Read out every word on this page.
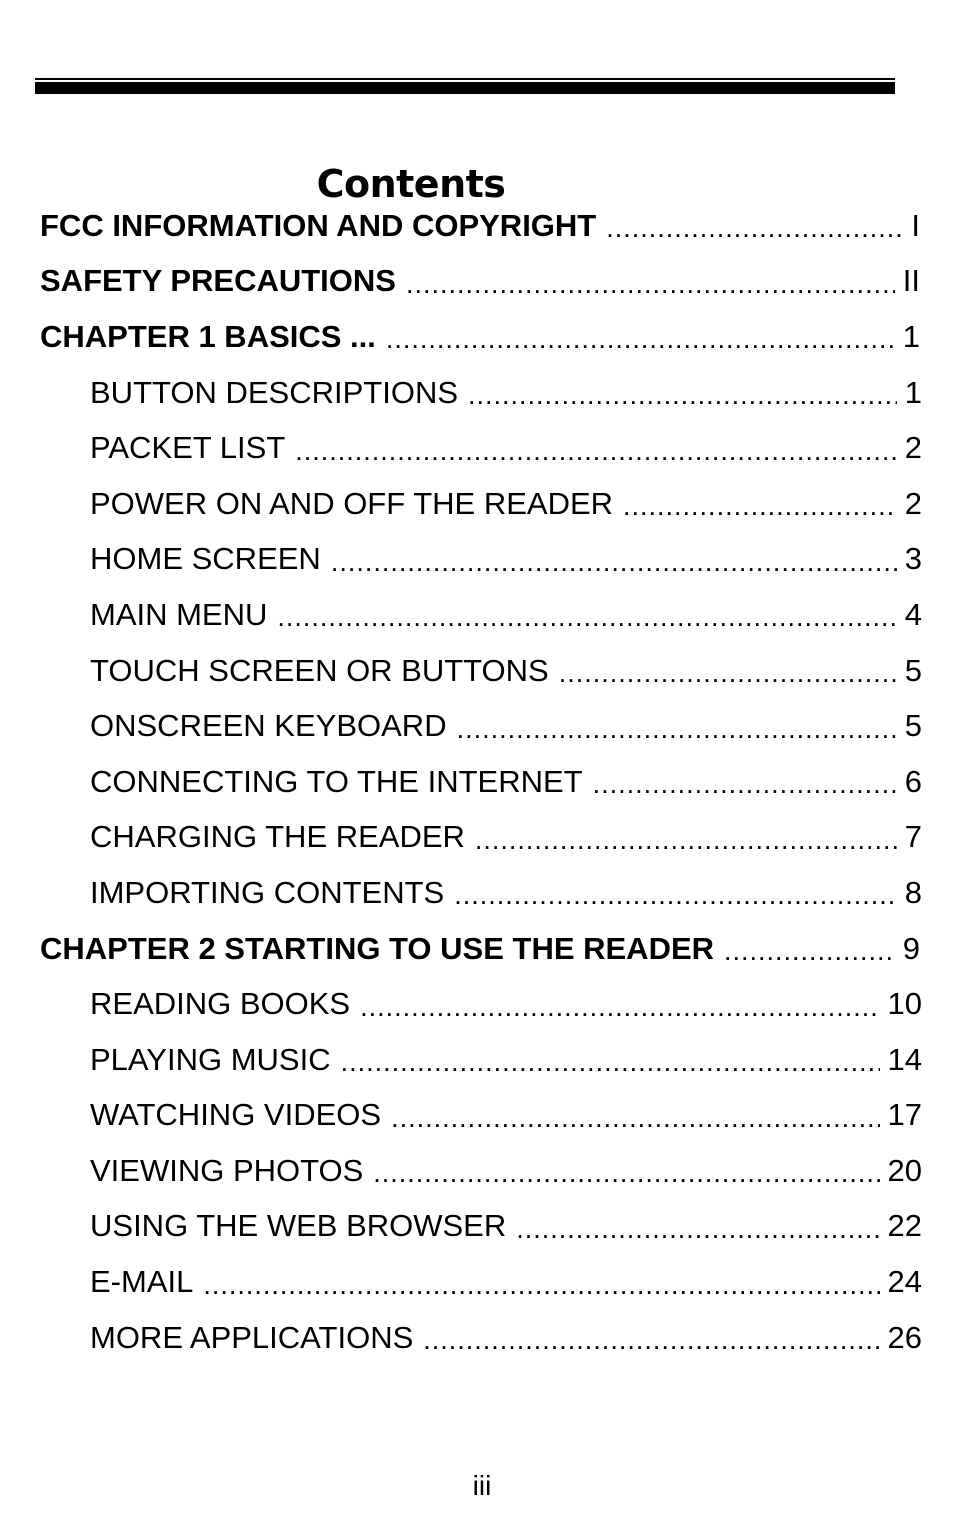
Contents
FCC INFORMATION AND COPYRIGHT .....	I
SAFETY PRECAUTIONS .....	II
CHAPTER 1 BASICS ... .....	1
BUTTON DESCRIPTIONS .....	1
PACKET LIST .....	2
POWER ON AND OFF THE READER .....	2
HOME SCREEN .....	3
MAIN MENU .....	4
TOUCH SCREEN OR BUTTONS .....	5
ONSCREEN KEYBOARD .....	5
CONNECTING TO THE INTERNET .....	6
CHARGING THE READER .....	7
IMPORTING CONTENTS .....	8
CHAPTER 2 STARTING TO USE THE READER .....	9
READING BOOKS .....	10
PLAYING MUSIC .....	14
WATCHING VIDEOS .....	17
VIEWING PHOTOS .....	20
USING THE WEB BROWSER .....	22
E-MAIL .....	24
MORE APPLICATIONS .....	26
iii
